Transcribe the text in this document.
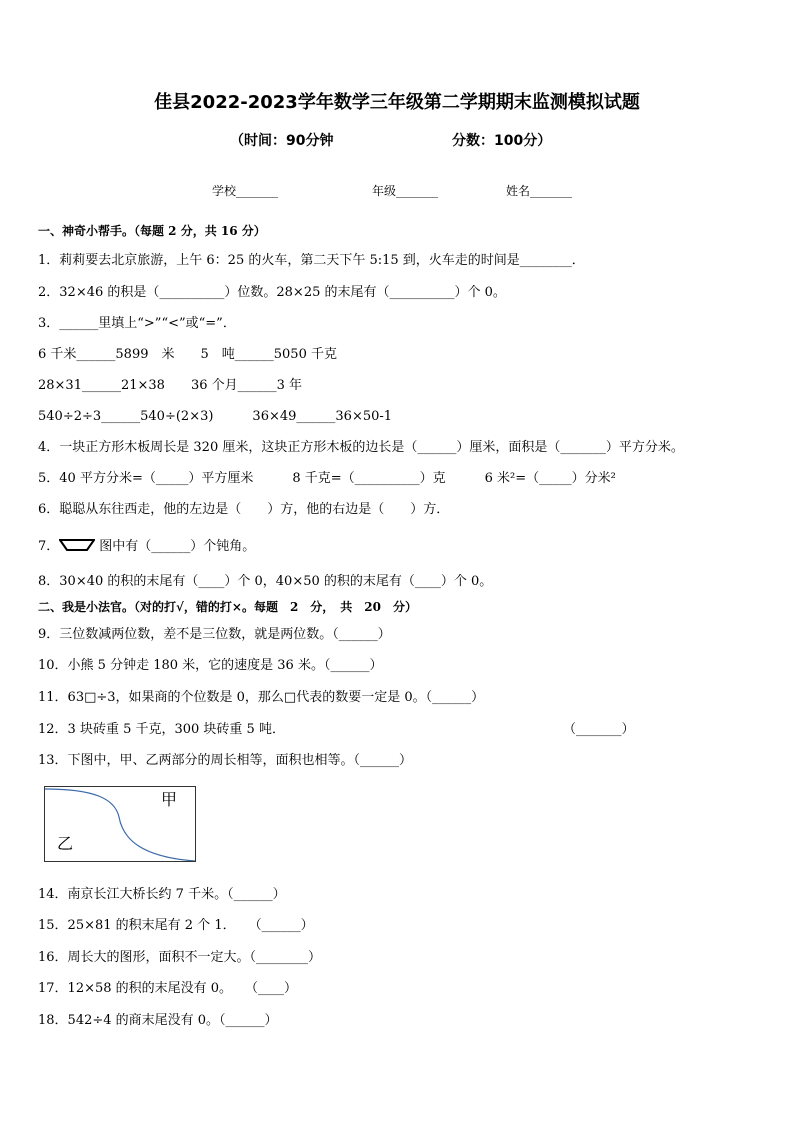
佳县2022-2023学年数学三年级第二学期期末监测模拟试题
（时间：90分钟	分数：100分）
学校_______	年级_______	姓名_______
一、神奇小帮手。（每题 2 分，共 16 分）
1．莉莉要去北京旅游，上午 6：25 的火车，第二天下午 5:15 到，火车走的时间是________．
2．32×46 的积是（__________）位数。28×25 的末尾有（__________）个 0。
3．______里填上“>”“<”或“=”．
6 千米______5899　米　　5　吨______5050 千克
28×31______21×38　　36 个月______3 年
540÷2÷3______540÷(2×3)　　　36×49______36×50-1
4．一块正方形木板周长是 320 厘米，这块正方形木板的边长是（______）厘米，面积是（_______）平方分米。
5．40 平方分米=（_____）平方厘米　　　8 千克=（__________）克　　　6 米²=（_____）分米²
6．聪聪从东往西走，他的左边是（　　）方，他的右边是（　　）方．
7．	图中有（______）个钝角。
8．30×40 的积的末尾有（____）个 0，40×50 的积的末尾有（____）个 0。
二、我是小法官。（对的打√，错的打×。每题　2　分，　共　20　分）
9．三位数减两位数，差不是三位数，就是两位数。（______）
10．小熊 5 分钟走 180 米，它的速度是 36 米。（______）
11．63□÷3，如果商的个位数是 0，那么□代表的数要一定是 0。（______）
12．3 块砖重 5 千克，300 块砖重 5 吨．	（_______）
13．下图中，甲、乙两部分的周长相等，面积也相等。（______）
甲
乙
14．南京长江大桥长约 7 千米。（______）
15．25×81 的积末尾有 2 个 1．　　（______）
16．周长大的图形，面积不一定大。（________）
17．12×58 的积的末尾没有 0。　　（____）
18．542÷4 的商末尾没有 0。（______）
